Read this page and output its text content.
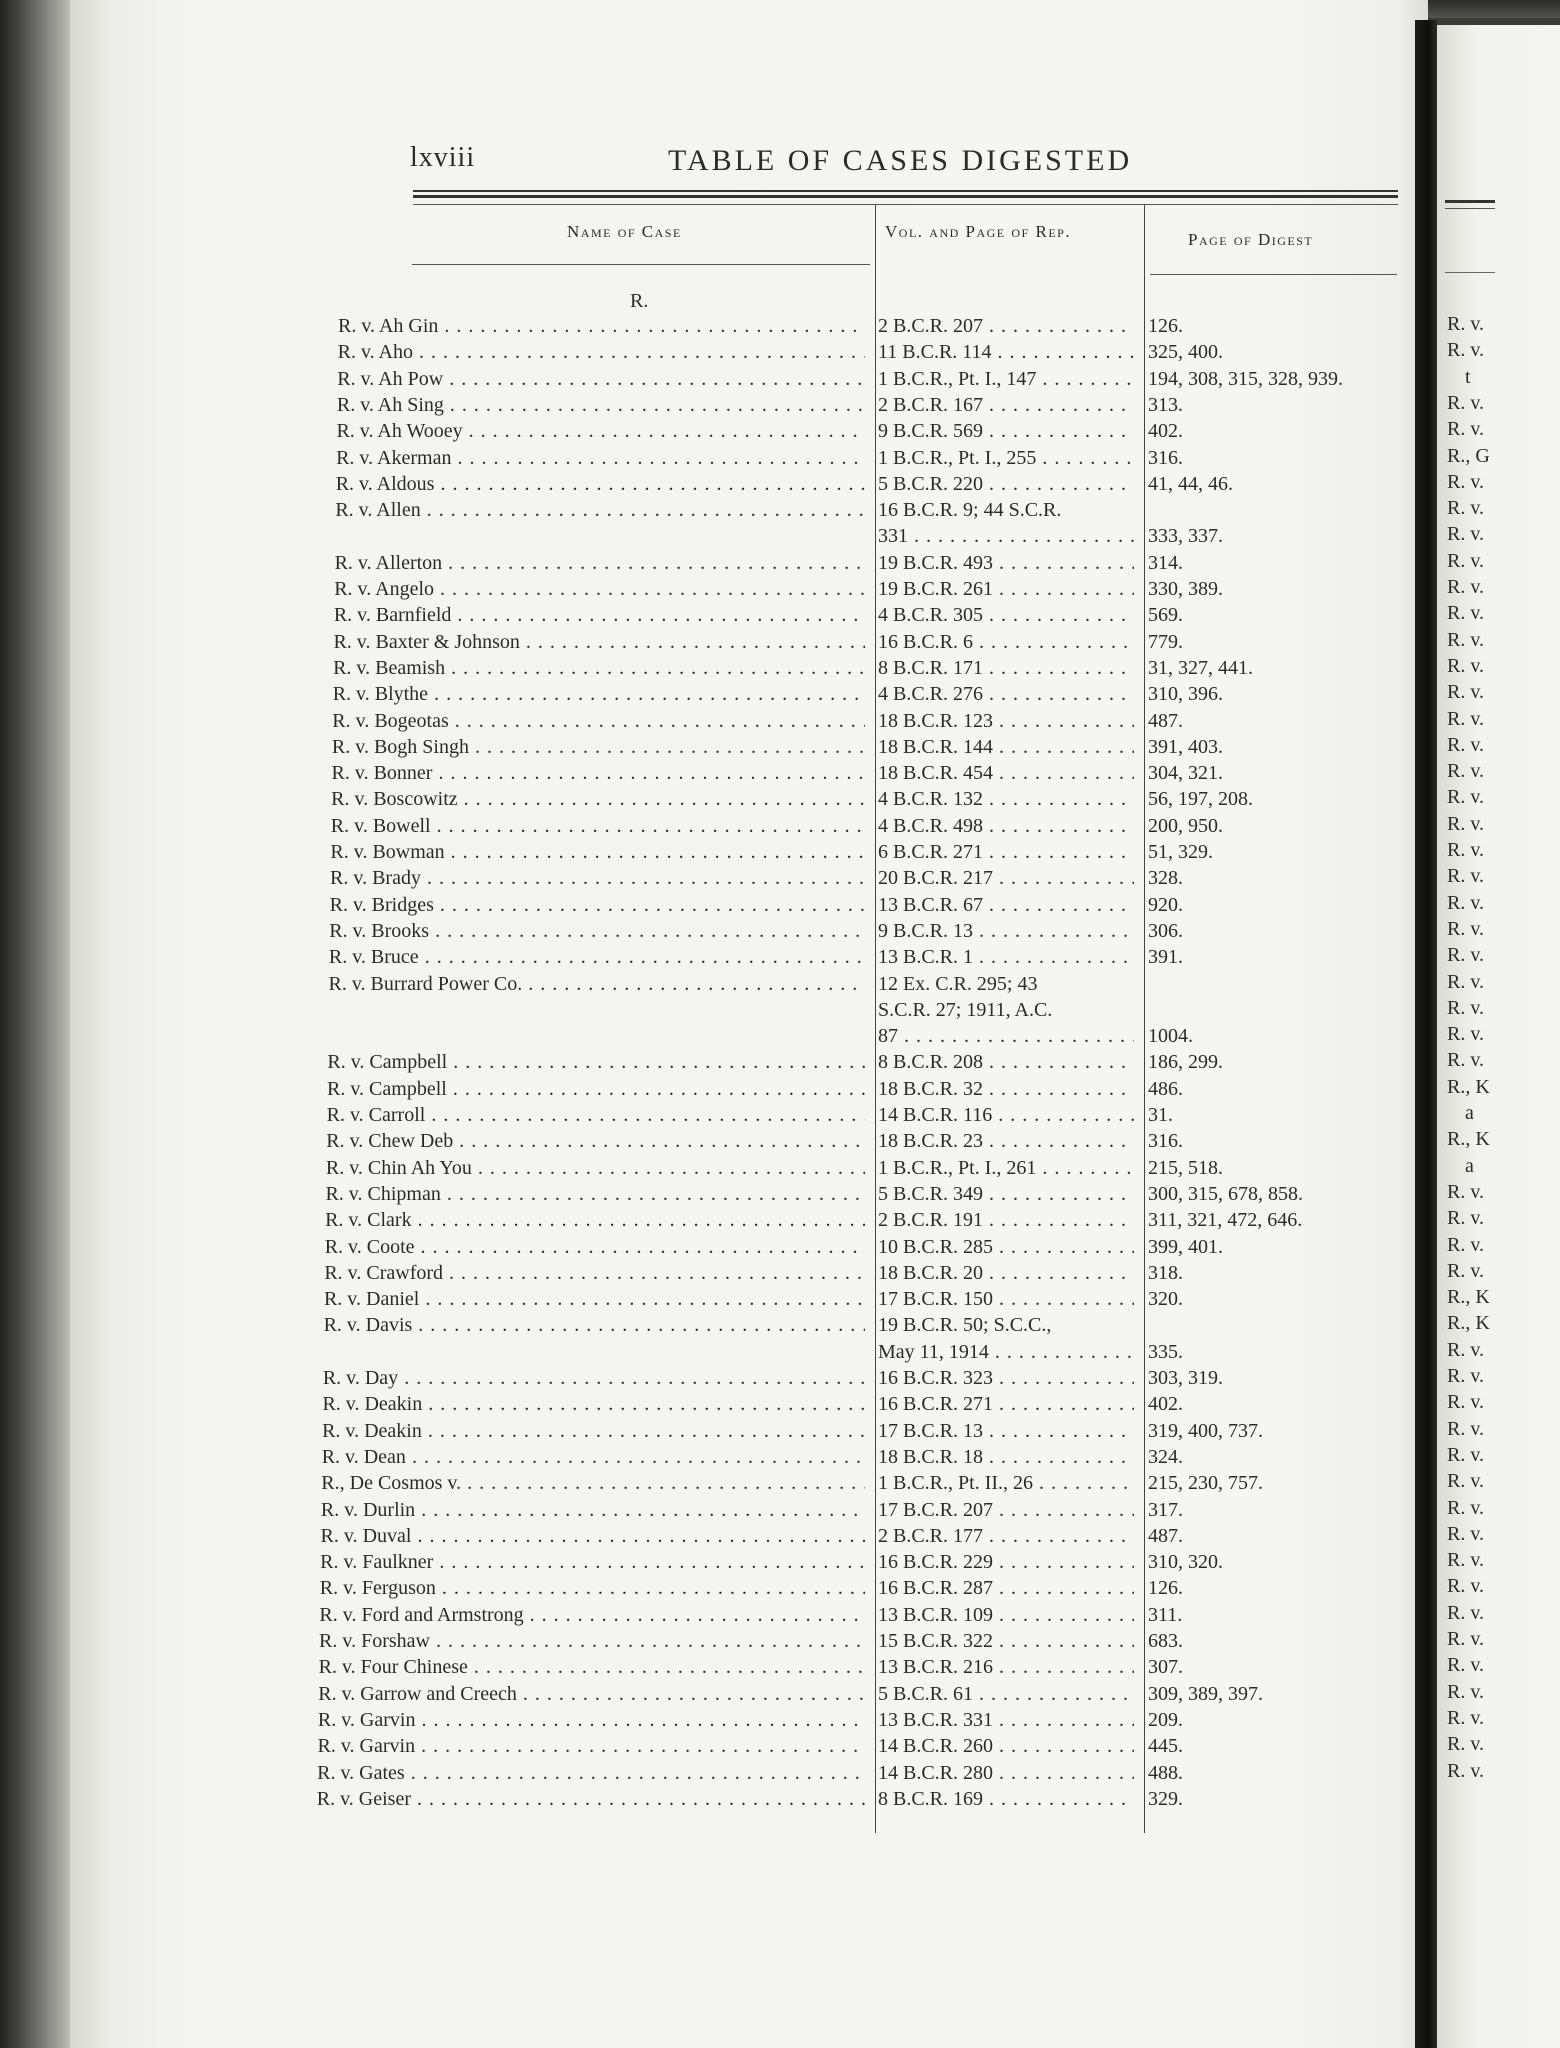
lxviii	TABLE OF CASES DIGESTED
Name of Case	Vol. and Page of Rep.	Page of Digest
R.
R. v. Ah Gin . . .	2 B.C.R. 207 . . .	126.
R. v. Aho . . .	11 B.C.R. 114 . . .	325, 400.
R. v. Ah Pow . . .	1 B.C.R., Pt. I., 147 . . .	194, 308, 315, 328, 939.
R. v. Ah Sing . . .	2 B.C.R. 167 . . .	313.
R. v. Ah Wooey . . .	9 B.C.R. 569 . . .	402.
R. v. Akerman . . .	1 B.C.R., Pt. I., 255 . . .	316.
R. v. Aldous . . .	5 B.C.R. 220 . . .	41, 44, 46.
R. v. Allen . . .	16 B.C.R. 9; 44 S.C.R.
331 . . .	333, 337.
R. v. Allerton . . .	19 B.C.R. 493 . . .	314.
R. v. Angelo . . .	19 B.C.R. 261 . . .	330, 389.
R. v. Barnfield . . .	4 B.C.R. 305 . . .	569.
R. v. Baxter & Johnson . . .	16 B.C.R. 6 . . .	779.
R. v. Beamish . . .	8 B.C.R. 171 . . .	31, 327, 441.
R. v. Blythe . . .	4 B.C.R. 276 . . .	310, 396.
R. v. Bogeotas . . .	18 B.C.R. 123 . . .	487.
R. v. Bogh Singh . . .	18 B.C.R. 144 . . .	391, 403.
R. v. Bonner . . .	18 B.C.R. 454 . . .	304, 321.
R. v. Boscowitz . . .	4 B.C.R. 132 . . .	56, 197, 208.
R. v. Bowell . . .	4 B.C.R. 498 . . .	200, 950.
R. v. Bowman . . .	6 B.C.R. 271 . . .	51, 329.
R. v. Brady . . .	20 B.C.R. 217 . . .	328.
R. v. Bridges . . .	13 B.C.R. 67 . . .	920.
R. v. Brooks . . .	9 B.C.R. 13 . . .	306.
R. v. Bruce . . .	13 B.C.R. 1 . . .	391.
R. v. Burrard Power Co. . . .	12 Ex. C.R. 295; 43
S.C.R. 27; 1911, A.C.
87 . . .	1004.
R. v. Campbell . . .	8 B.C.R. 208 . . .	186, 299.
R. v. Campbell . . .	18 B.C.R. 32 . . .	486.
R. v. Carroll . . .	14 B.C.R. 116 . . .	31.
R. v. Chew Deb . . .	18 B.C.R. 23 . . .	316.
R. v. Chin Ah You . . .	1 B.C.R., Pt. I., 261 . . .	215, 518.
R. v. Chipman . . .	5 B.C.R. 349 . . .	300, 315, 678, 858.
R. v. Clark . . .	2 B.C.R. 191 . . .	311, 321, 472, 646.
R. v. Coote . . .	10 B.C.R. 285 . . .	399, 401.
R. v. Crawford . . .	18 B.C.R. 20 . . .	318.
R. v. Daniel . . .	17 B.C.R. 150 . . .	320.
R. v. Davis . . .	19 B.C.R. 50; S.C.C.,
May 11, 1914 . . .	335.
R. v. Day . . .	16 B.C.R. 323 . . .	303, 319.
R. v. Deakin . . .	16 B.C.R. 271 . . .	402.
R. v. Deakin . . .	17 B.C.R. 13 . . .	319, 400, 737.
R. v. Dean . . .	18 B.C.R. 18 . . .	324.
R., De Cosmos v. . . .	1 B.C.R., Pt. II., 26 . . .	215, 230, 757.
R. v. Durlin . . .	17 B.C.R. 207 . . .	317.
R. v. Duval . . .	2 B.C.R. 177 . . .	487.
R. v. Faulkner . . .	16 B.C.R. 229 . . .	310, 320.
R. v. Ferguson . . .	16 B.C.R. 287 . . .	126.
R. v. Ford and Armstrong . . .	13 B.C.R. 109 . . .	311.
R. v. Forshaw . . .	15 B.C.R. 322 . . .	683.
R. v. Four Chinese . . .	13 B.C.R. 216 . . .	307.
R. v. Garrow and Creech . . .	5 B.C.R. 61 . . .	309, 389, 397.
R. v. Garvin . . .	13 B.C.R. 331 . . .	209.
R. v. Garvin . . .	14 B.C.R. 260 . . .	445.
R. v. Gates . . .	14 B.C.R. 280 . . .	488.
R. v. Geiser . . .	8 B.C.R. 169 . . .	329.
R. v.
R. v.
t
R. v.
R. v.
R., G
R. v.
R. v.
R. v.
R. v.
R. v.
R. v.
R. v.
R. v.
R. v.
R. v.
R. v.
R. v.
R. v.
R. v.
R. v.
R. v.
R. v.
R. v.
R. v.
R. v.
R. v.
R. v.
R. v.
R., K
a
R., K
a
R. v.
R. v.
R. v.
R. v.
R., K
R., K
R. v.
R. v.
R. v.
R. v.
R. v.
R. v.
R. v.
R. v.
R. v.
R. v.
R. v.
R. v.
R. v.
R. v.
R. v.
R. v.
R. v.
